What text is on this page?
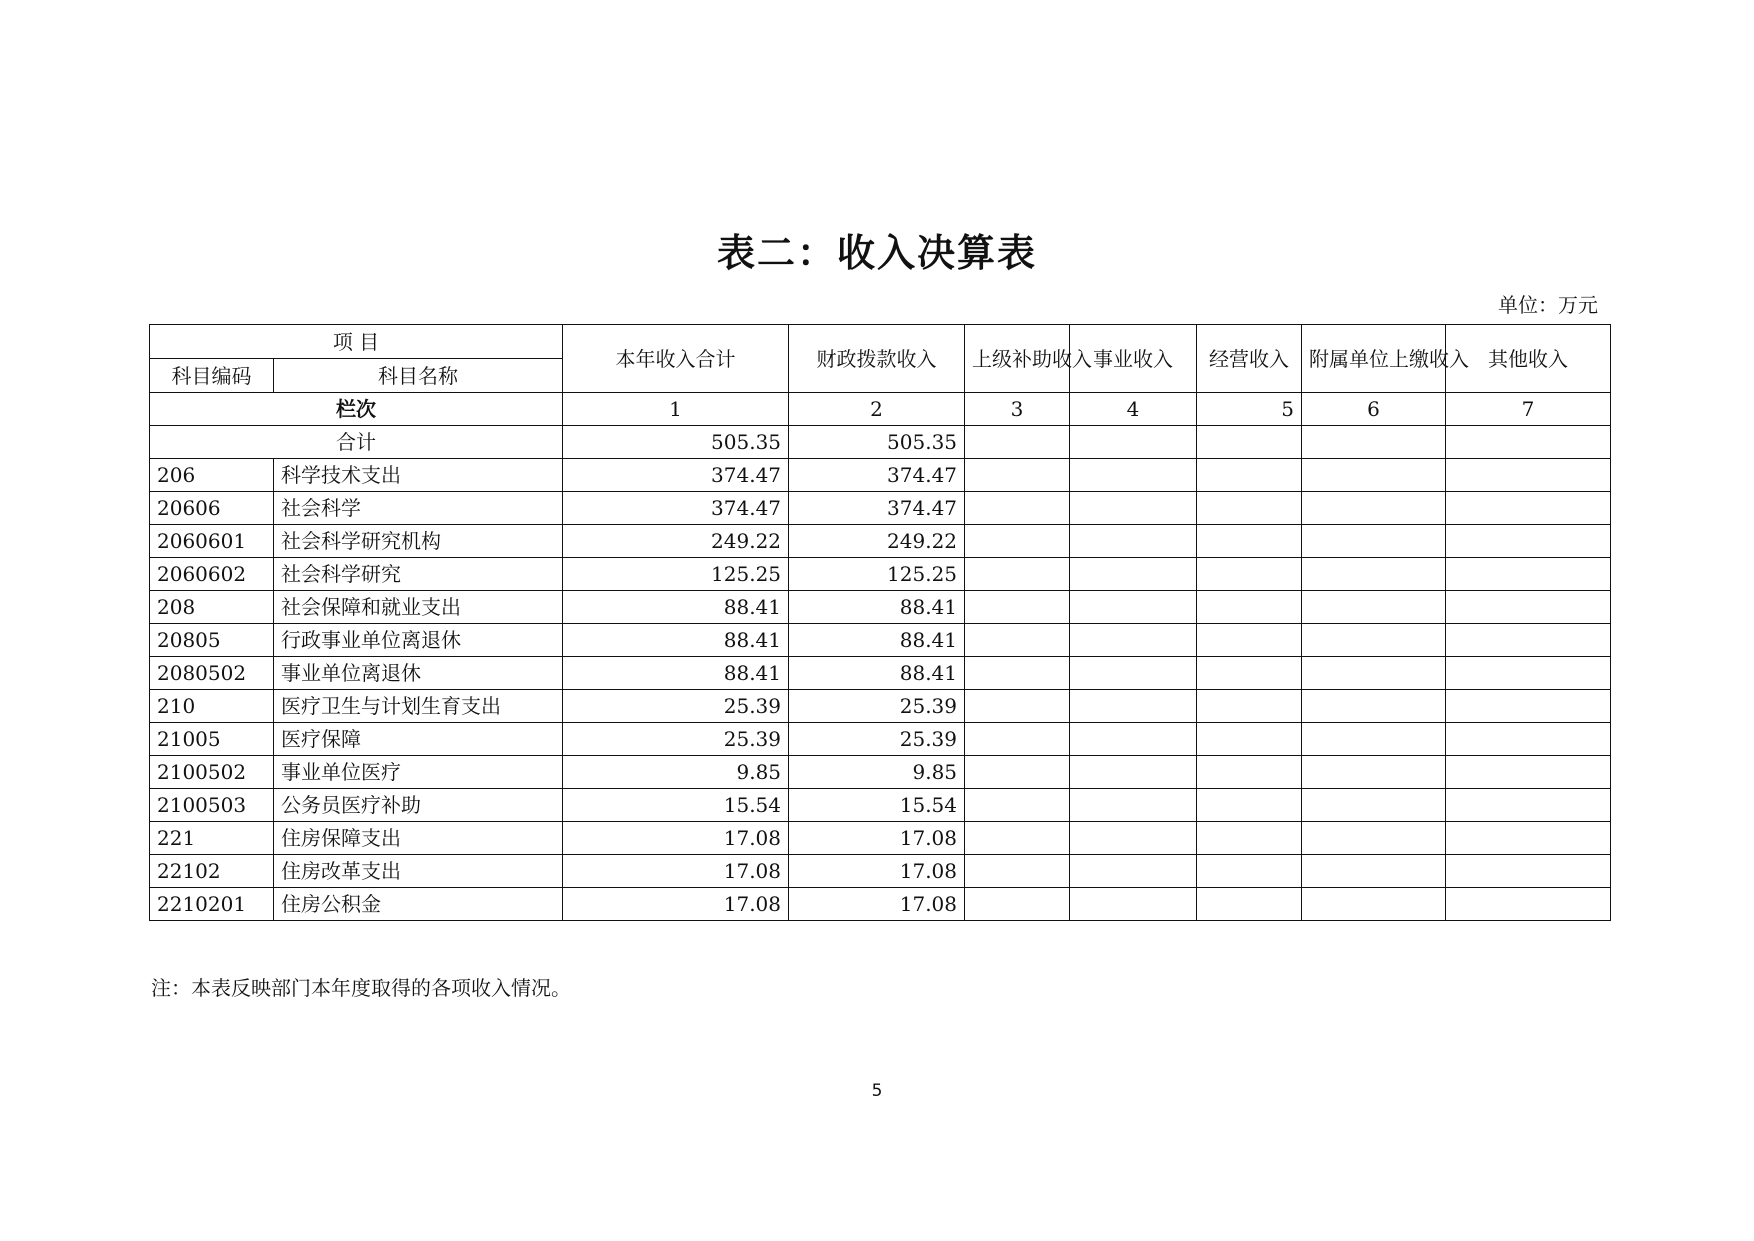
表二：收入决算表
单位：万元
项 目		本年收入合计	财政拨款收入	上级补助收入	事业收入	经营收入	附属单位上缴收入	其他收入
科目编码	科目名称							
栏次		1	2	3	4	5	6	7
合计		505.35	505.35					
206	科学技术支出	374.47	374.47					
20606	社会科学	374.47	374.47					
2060601	社会科学研究机构	249.22	249.22					
2060602	社会科学研究	125.25	125.25					
208	社会保障和就业支出	88.41	88.41					
20805	行政事业单位离退休	88.41	88.41					
2080502	事业单位离退休	88.41	88.41					
210	医疗卫生与计划生育支出	25.39	25.39					
21005	医疗保障	25.39	25.39					
2100502	事业单位医疗	9.85	9.85					
2100503	公务员医疗补助	15.54	15.54					
221	住房保障支出	17.08	17.08					
22102	住房改革支出	17.08	17.08					
2210201	住房公积金	17.08	17.08					
注：本表反映部门本年度取得的各项收入情况。
5
